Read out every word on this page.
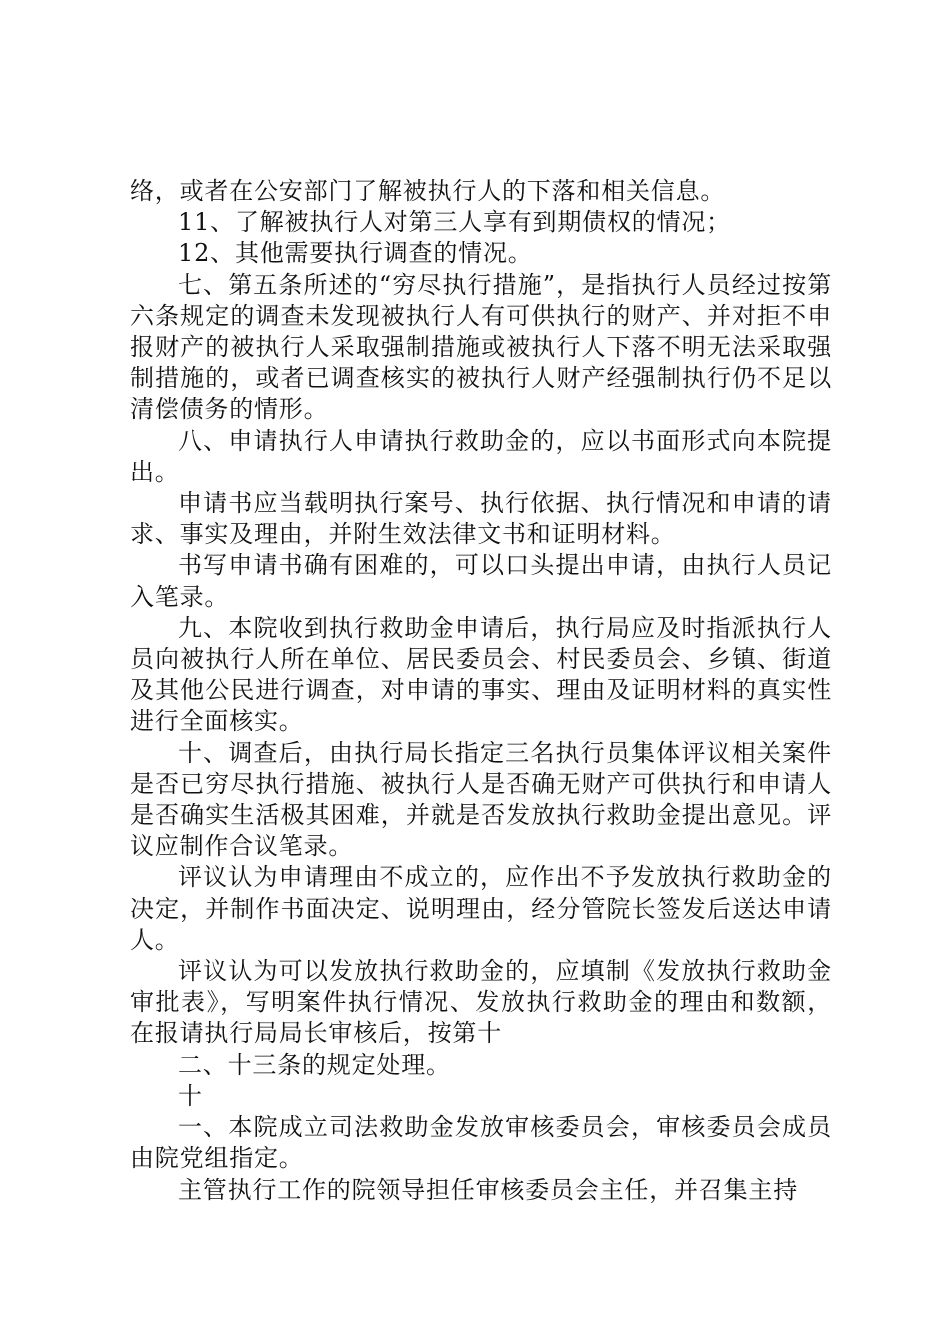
络，或者在公安部门了解被执行人的下落和相关信息。

11、了解被执行人对第三人享有到期债权的情况；

12、其他需要执行调查的情况。

七、第五条所述的“穷尽执行措施”，是指执行人员经过按第六条规定的调查未发现被执行人有可供执行的财产、并对拒不申报财产的被执行人采取强制措施或被执行人下落不明无法采取强制措施的，或者已调查核实的被执行人财产经强制执行仍不足以清偿债务的情形。

八、申请执行人申请执行救助金的，应以书面形式向本院提出。

申请书应当载明执行案号、执行依据、执行情况和申请的请求、事实及理由，并附生效法律文书和证明材料。

书写申请书确有困难的，可以口头提出申请，由执行人员记入笔录。

九、本院收到执行救助金申请后，执行局应及时指派执行人员向被执行人所在单位、居民委员会、村民委员会、乡镇、街道及其他公民进行调查，对申请的事实、理由及证明材料的真实性进行全面核实。

十、调查后，由执行局长指定三名执行员集体评议相关案件是否已穷尽执行措施、被执行人是否确无财产可供执行和申请人是否确实生活极其困难，并就是否发放执行救助金提出意见。评议应制作合议笔录。

评议认为申请理由不成立的，应作出不予发放执行救助金的决定，并制作书面决定、说明理由，经分管院长签发后送达申请人。

评议认为可以发放执行救助金的，应填制《发放执行救助金审批表》，写明案件执行情况、发放执行救助金的理由和数额，在报请执行局局长审核后，按第十

二、十三条的规定处理。

十

一、本院成立司法救助金发放审核委员会，审核委员会成员由院党组指定。

主管执行工作的院领导担任审核委员会主任，并召集主持
